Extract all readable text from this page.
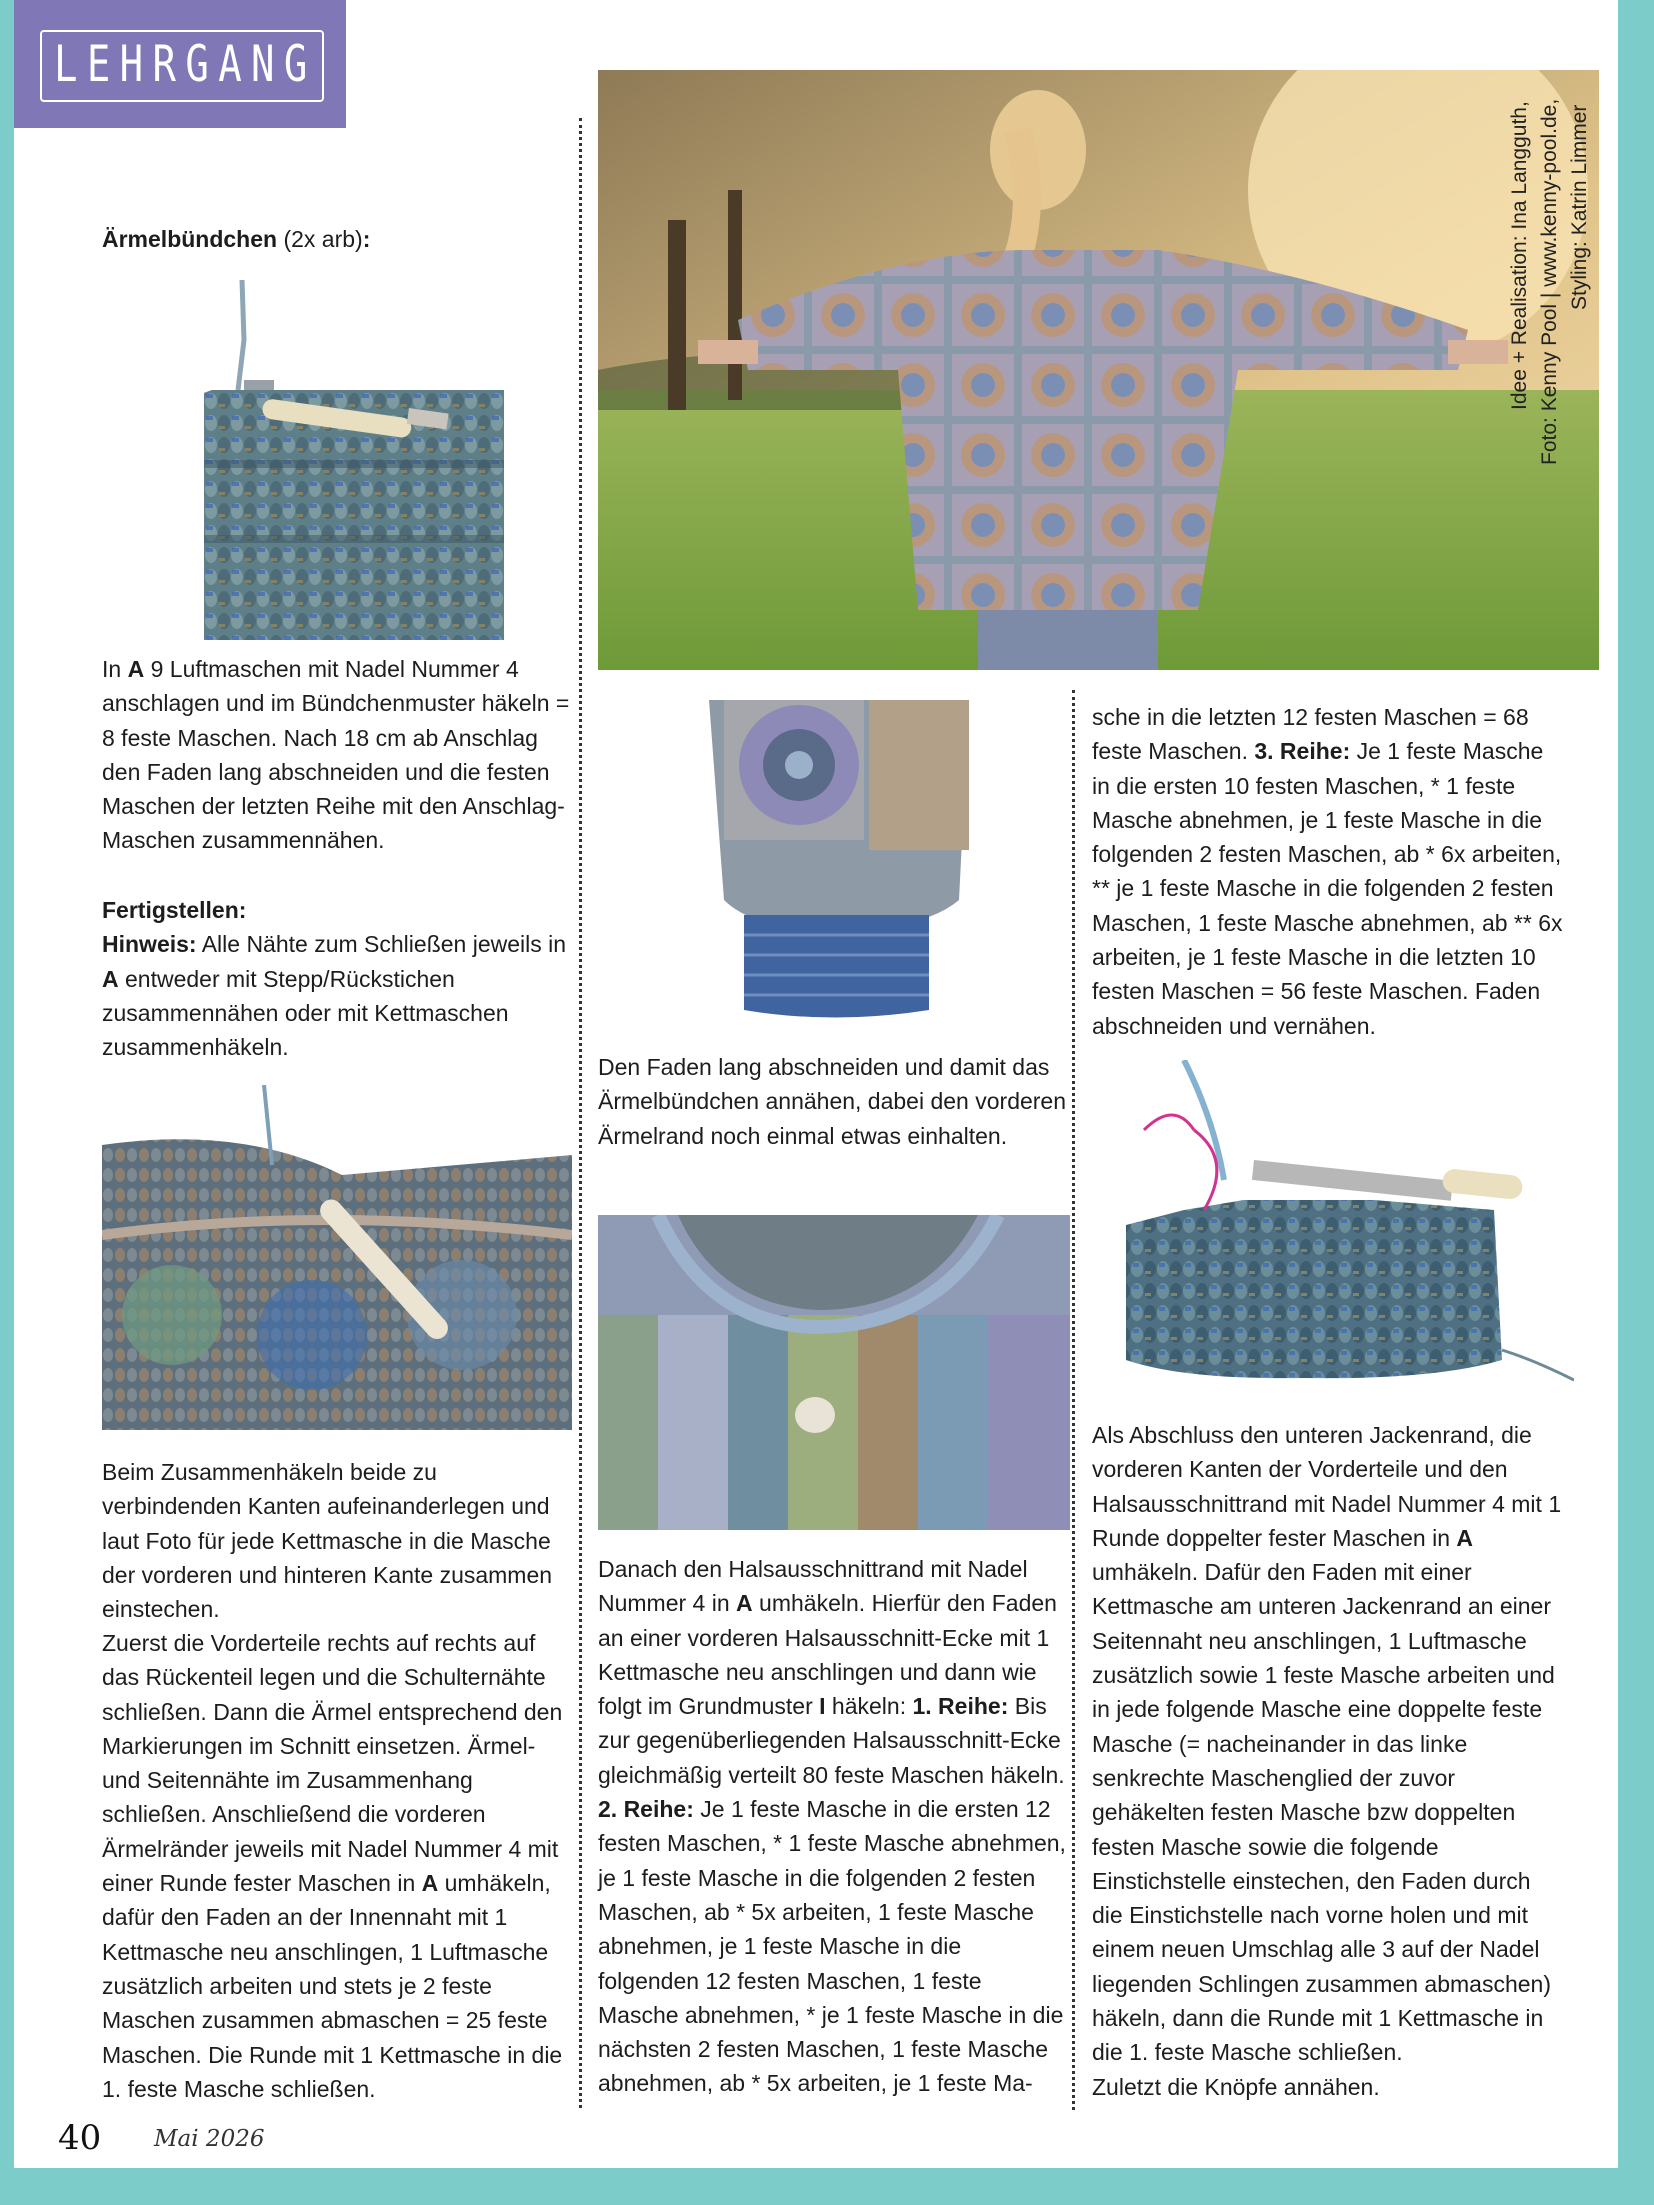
LEHRGANG
Ärmelbündchen (2x arb):

In A 9 Luftmaschen mit Nadel Nummer 4 anschlagen und im Bündchenmuster häkeln = 8 feste Maschen. Nach 18 cm ab Anschlag den Faden lang abschneiden und die festen Maschen der letzten Reihe mit den Anschlag-Maschen zusammennähen.

Fertigstellen:

Hinweis: Alle Nähte zum Schließen jeweils in A entweder mit Stepp/Rückstichen zusammennähen oder mit Kettmaschen zusammenhäkeln.

Beim Zusammenhäkeln beide zu verbindenden Kanten aufeinanderlegen und laut Foto für jede Kettmasche in die Masche der vorderen und hinteren Kante zusammen einstechen.

Zuerst die Vorderteile rechts auf rechts auf das Rückenteil legen und die Schulternähte schließen. Dann die Ärmel entsprechend den Markierungen im Schnitt einsetzen. Ärmel- und Seitennähte im Zusammenhang schließen. Anschließend die vorderen Ärmelränder jeweils mit Nadel Nummer 4 mit einer Runde fester Maschen in A umhäkeln, dafür den Faden an der Innennaht mit 1 Kettmasche neu anschlingen, 1 Luftmasche zusätzlich arbeiten und stets je 2 feste Maschen zusammen abmaschen = 25 feste Maschen. Die Runde mit 1 Kettmasche in die 1. feste Masche schließen.

Idee + Realisation: Ina Langguth, Foto: Kenny Pool | www.kenny-pool.de, Styling: Katrin Limmer

Den Faden lang abschneiden und damit das Ärmelbündchen annähen, dabei den vorderen Ärmelrand noch einmal etwas einhalten.

Danach den Halsausschnittrand mit Nadel Nummer 4 in A umhäkeln. Hierfür den Faden an einer vorderen Halsausschnitt-Ecke mit 1 Kettmasche neu anschlingen und dann wie folgt im Grundmuster I häkeln: 1. Reihe: Bis zur gegenüberliegenden Halsausschnitt-Ecke gleichmäßig verteilt 80 feste Maschen häkeln. 2. Reihe: Je 1 feste Masche in die ersten 12 festen Maschen, * 1 feste Masche abnehmen, je 1 feste Masche in die folgenden 2 festen Maschen, ab * 5x arbeiten, 1 feste Masche abnehmen, je 1 feste Masche in die folgenden 12 festen Maschen, 1 feste Masche abnehmen, * je 1 feste Masche in die nächsten 2 festen Maschen, 1 feste Masche abnehmen, ab * 5x arbeiten, je 1 feste Ma-

sche in die letzten 12 festen Maschen = 68 feste Maschen. 3. Reihe: Je 1 feste Masche in die ersten 10 festen Maschen, * 1 feste Masche abnehmen, je 1 feste Masche in die folgenden 2 festen Maschen, ab * 6x arbeiten, ** je 1 feste Masche in die folgenden 2 festen Maschen, 1 feste Masche abnehmen, ab ** 6x arbeiten, je 1 feste Masche in die letzten 10 festen Maschen = 56 feste Maschen. Faden abschneiden und vernähen.

Als Abschluss den unteren Jackenrand, die vorderen Kanten der Vorderteile und den Halsausschnittrand mit Nadel Nummer 4 mit 1 Runde doppelter fester Maschen in A umhäkeln. Dafür den Faden mit einer Kettmasche am unteren Jackenrand an einer Seitennaht neu anschlingen, 1 Luftmasche zusätzlich sowie 1 feste Masche arbeiten und in jede folgende Masche eine doppelte feste Masche (= nacheinander in das linke senkrechte Maschenglied der zuvor gehäkelten festen Masche bzw doppelten festen Masche sowie die folgende Einstichstelle einstechen, den Faden durch die Einstichstelle nach vorne holen und mit einem neuen Umschlag alle 3 auf der Nadel liegenden Schlingen zusammen abmaschen) häkeln, dann die Runde mit 1 Kettmasche in die 1. feste Masche schließen.

Zuletzt die Knöpfe annähen.

40 Mai 2026
